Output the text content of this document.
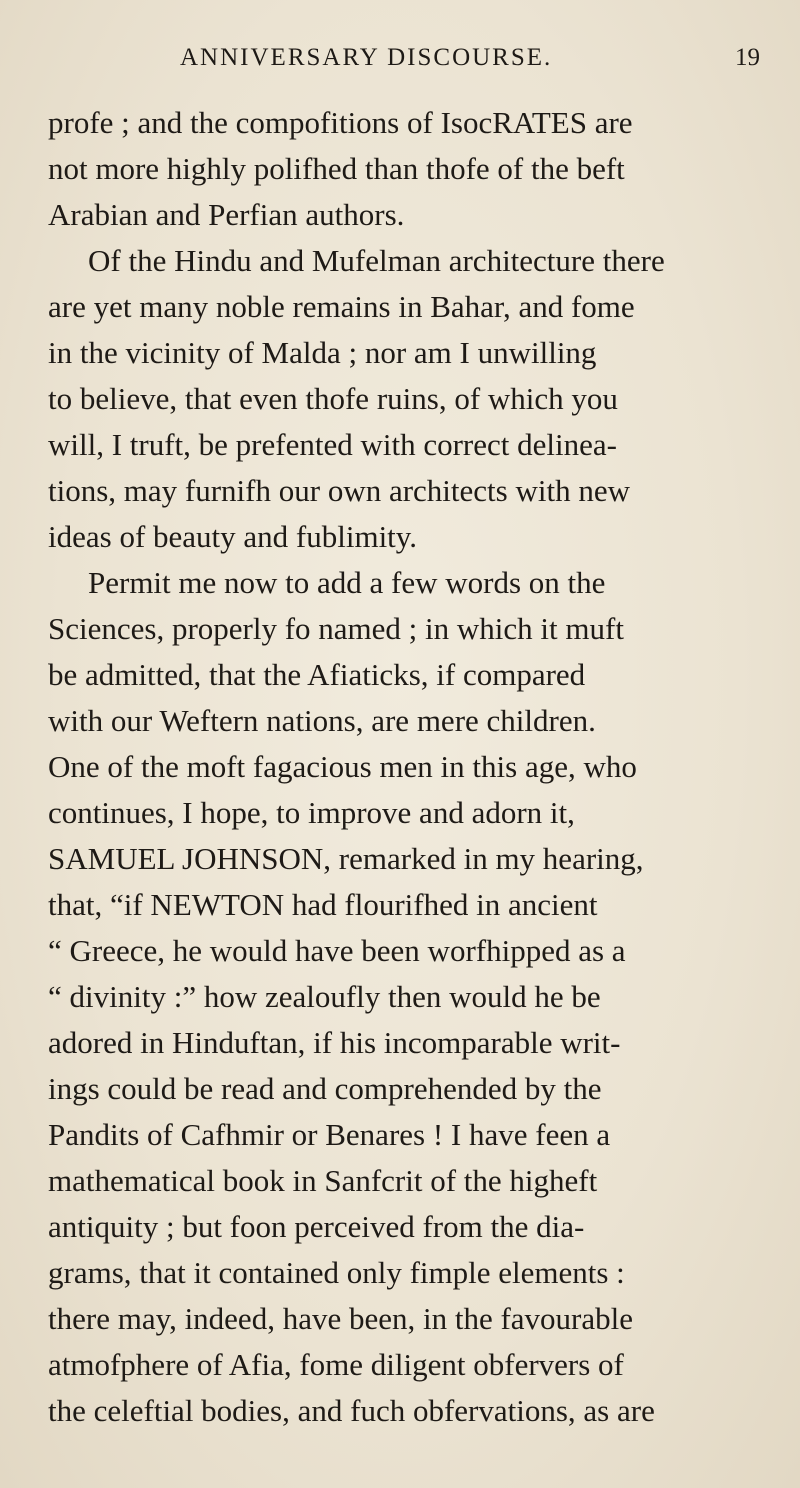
ANNIVERSARY DISCOURSE.	19
profe ; and the compofitions of IsocRATES are
not more highly polifhed than thofe of the beft
Arabian and Perfian authors.
Of the Hindu and Mufelman architecture there
are yet many noble remains in Bahar, and fome
in the vicinity of Malda ; nor am I unwilling
to believe, that even thofe ruins, of which you
will, I truft, be prefented with correct delinea-
tions, may furnifh our own architects with new
ideas of beauty and fublimity.
Permit me now to add a few words on the
Sciences, properly fo named ; in which it muft
be admitted, that the Afiaticks, if compared
with our Weftern nations, are mere children.
One of the moft fagacious men in this age, who
continues, I hope, to improve and adorn it,
SAMUEL JOHNSON, remarked in my hearing,
that, “if NEWTON had flourifhed in ancient
“ Greece, he would have been worfhipped as a
“ divinity :” how zealoufly then would he be
adored in Hinduftan, if his incomparable writ-
ings could be read and comprehended by the
Pandits of Cafhmir or Benares ! I have feen a
mathematical book in Sanfcrit of the higheft
antiquity ; but foon perceived from the dia-
grams, that it contained only fimple elements :
there may, indeed, have been, in the favourable
atmofphere of Afia, fome diligent obfervers of
the celeftial bodies, and fuch obfervations, as are
